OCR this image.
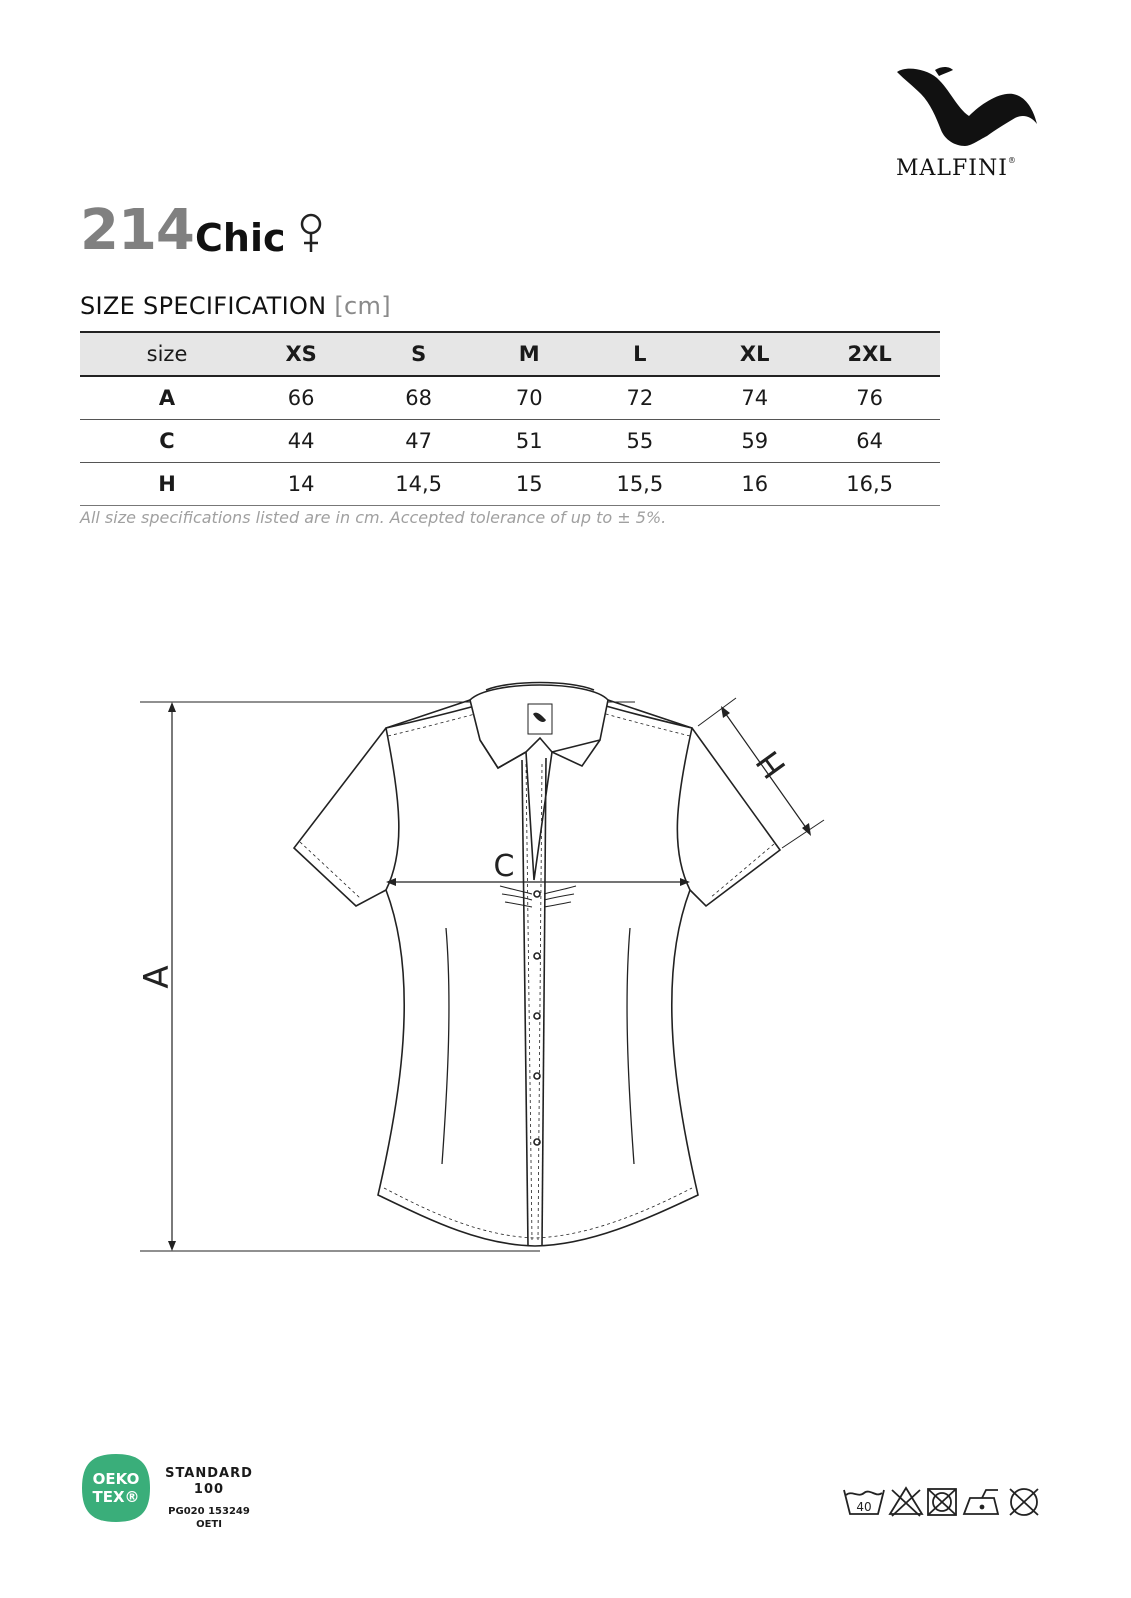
MALFINI®
214 Chic
SIZE SPECIFICATION [cm]
size	XS	S	M	L	XL	2XL
A	66	68	70	72	74	76
C	44	47	51	55	59	64
H	14	14,5	15	15,5	16	16,5
All size specifications listed are in cm. Accepted tolerance of up to ± 5%.
A
H
C
OEKO
TEX®
STANDARD
100
PG020 153249
OETI
40
